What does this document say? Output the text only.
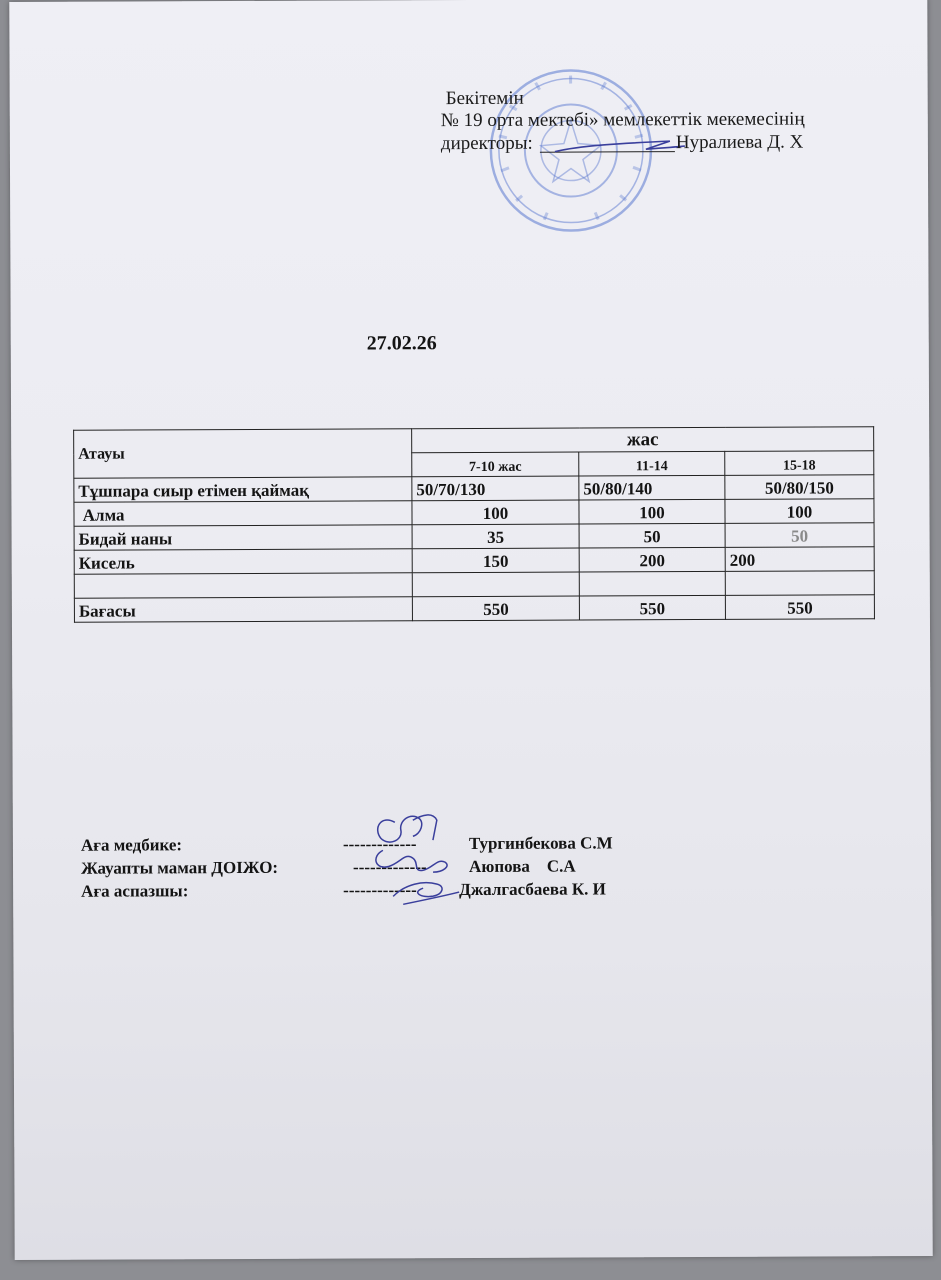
Бекітемін
№ 19 орта мектебі» мемлекеттік мекемесінің
директоры:	Нуралиева Д. Х
27.02.26
Атауы	жас		
	7-10 жас	11-14	15-18
Тұшпара сиыр етімен қаймақ	50/70/130	50/80/140	50/80/150
Алма	100	100	100
Бидай наны	35	50	50
Кисель	150	200	200

Бағасы	550	550	550
Аға медбике:	-------------	Тургинбекова С.М
Жауапты маман ДОІЖО:	------------- Аюпова    С.А
Аға аспазшы:	------------- Джалгасбаева К. И
